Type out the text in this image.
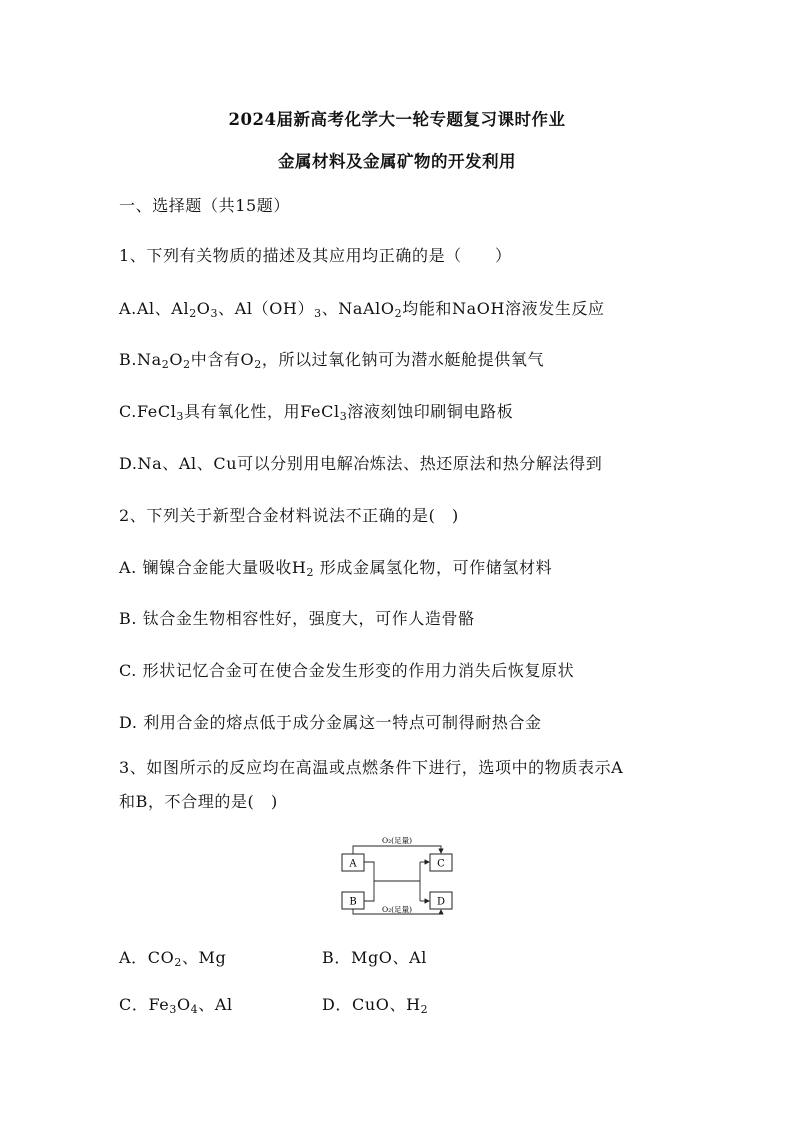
2024届新高考化学大一轮专题复习课时作业
金属材料及金属矿物的开发利用
一、选择题（共15题）
1、下列有关物质的描述及其应用均正确的是（　　）
A.Al、$Al_2O_3$、$Al(OH)_3$、NaAlO$_2$均能和NaOH溶液发生反应
$B.Na_2O_2$中含有$O_2$，所以过氧化钠可为潜水艇舱提供氧气
C.FeCl$_3$具有氧化性，用FeCl$_3$溶液刻蚀印刷铜电路板
D.Na、Al、Cu可以分别用电解冶炼法、热还原法和热分解法得到
2、下列关于新型合金材料说法不正确的是(　)
A. 镧镍合金能大量吸收$H_2$ 形成金属氢化物，可作储氢材料
B. 钛合金生物相容性好，强度大，可作人造骨骼
C. 形状记忆合金可在使合金发生形变的作用力消失后恢复原状
D. 利用合金的熔点低于成分金属这一特点可制得耐热合金
3、如图所示的反应均在高温或点燃条件下进行，选项中的物质表示A
和B，不合理的是(　)
A
B
C
D
O₂(足量)
O₂(足量)
A．$CO_2$、Mg	B．MgO、Al
C．$Fe_3O_4$、Al	D．CuO、$H_2$
